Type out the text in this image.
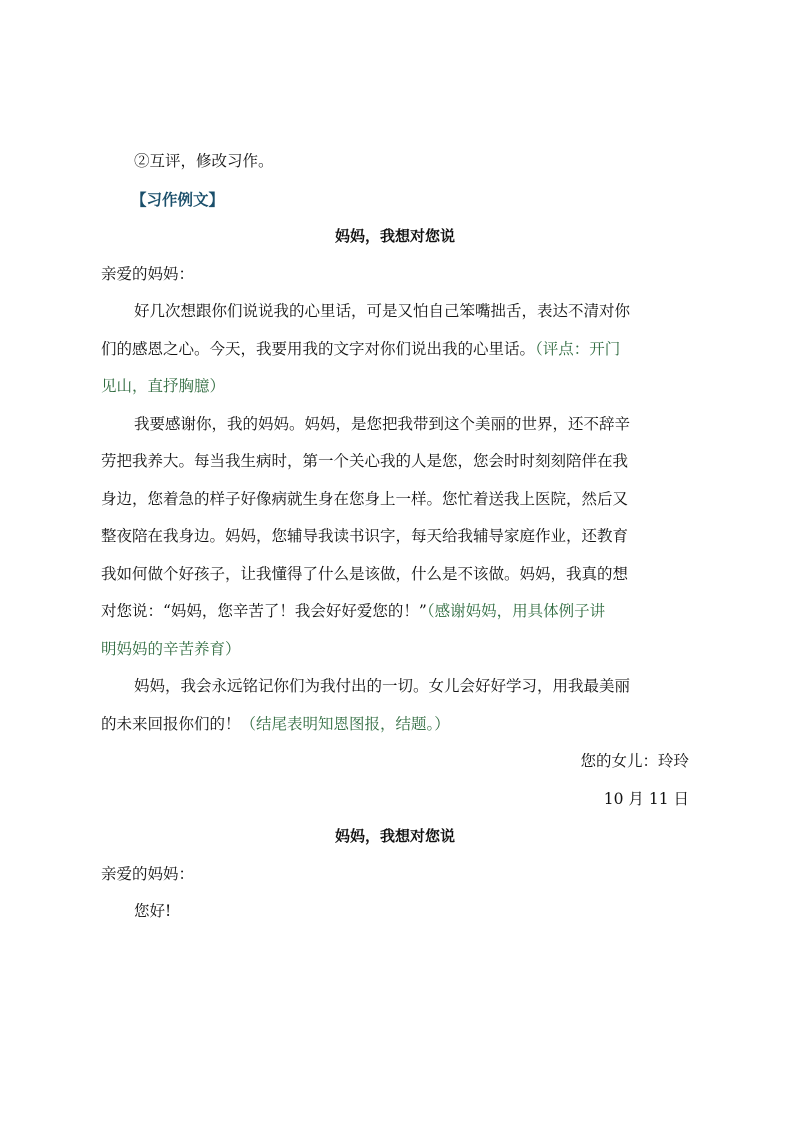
②互评，修改习作。
【习作例文】
妈妈，我想对您说
亲爱的妈妈：
好几次想跟你们说说我的心里话，可是又怕自己笨嘴拙舌，表达不清对你
们的感恩之心。今天，我要用我的文字对你们说出我的心里话。（评点：开门
见山，直抒胸臆）
我要感谢你，我的妈妈。妈妈，是您把我带到这个美丽的世界，还不辞辛
劳把我养大。每当我生病时，第一个关心我的人是您，您会时时刻刻陪伴在我
身边，您着急的样子好像病就生身在您身上一样。您忙着送我上医院，然后又
整夜陪在我身边。妈妈，您辅导我读书识字，每天给我辅导家庭作业，还教育
我如何做个好孩子，让我懂得了什么是该做，什么是不该做。妈妈，我真的想
对您说：“妈妈，您辛苦了！我会好好爱您的！”（感谢妈妈，用具体例子讲
明妈妈的辛苦养育）
妈妈，我会永远铭记你们为我付出的一切。女儿会好好学习，用我最美丽
的未来回报你们的！（结尾表明知恩图报，结题。）
您的女儿：玲玲
10 月 11 日
妈妈，我想对您说
亲爱的妈妈：
您好!
